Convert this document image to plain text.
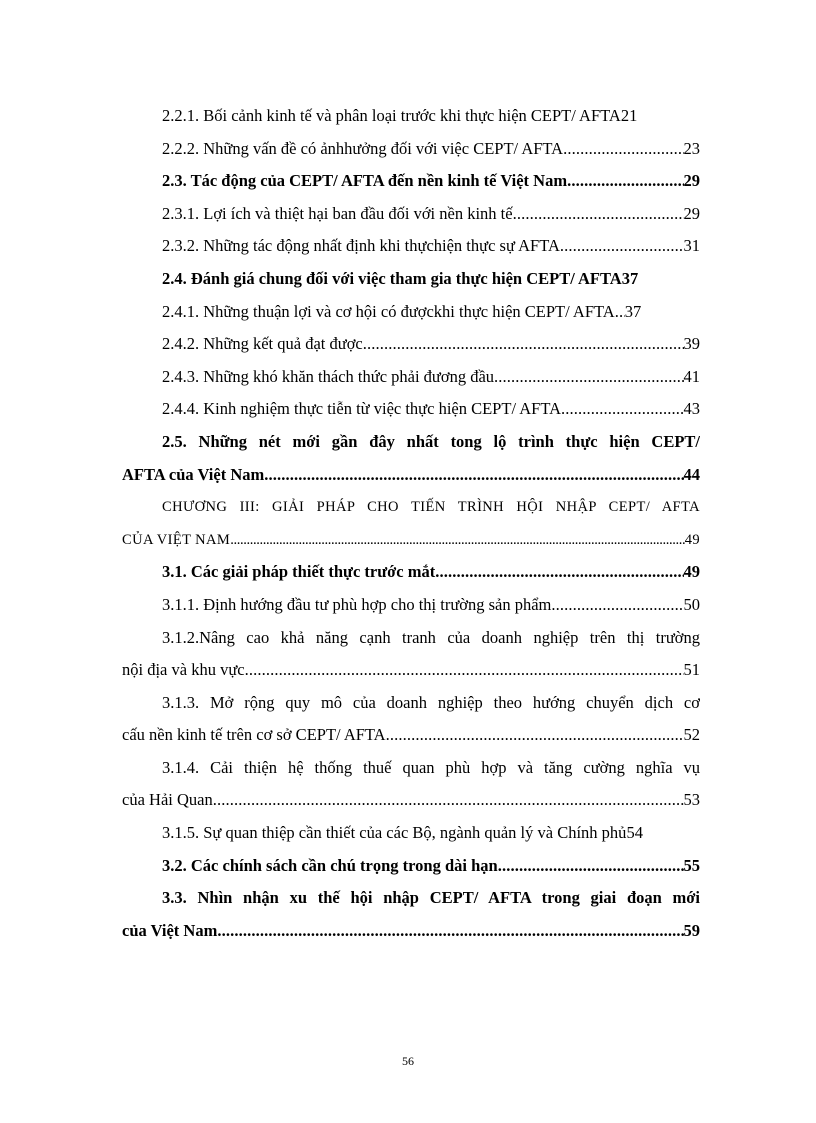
2.2.1. Bối cảnh kinh tế và phân loại trước khi thực hiện CEPT/ AFTA 21
2.2.2. Những vấn đề có ảnhhưởng đối với việc CEPT/ AFTA . . .	23
2.3. Tác động của CEPT/ AFTA đến nền kinh tế Việt Nam . . .	29
2.3.1. Lợi ích và thiệt hại ban đầu đối với nền kinh tế . . .	29
2.3.2. Những tác động nhất định khi thựchiện thực sự AFTA . . .	31
2.4. Đánh giá chung đối với việc tham gia thực hiện CEPT/ AFTA 37
2.4.1. Những thuận lợi và cơ hội có đượckhi thực hiện CEPT/ AFTA . . . 37
2.4.2. Những kết quả đạt được . . .	39
2.4.3. Những khó khăn thách thức phải đương đầu . . .	41
2.4.4. Kinh nghiệm thực tiễn từ việc thực hiện CEPT/ AFTA . . .	43
2.5. Những nét mới gần đây nhất tong lộ trình thực hiện CEPT/
AFTA của Việt Nam . . .	44
CHƯƠNG III: GIẢI PHÁP CHO TIẾN TRÌNH HỘI NHẬP CEPT/ AFTA
CỦA VIỆT NAM . . .	49
3.1. Các giải pháp thiết thực trước mắt . . .	49
3.1.1. Định hướng đầu tư phù hợp cho thị trường sản phẩm . . .	50
3.1.2.Nâng cao khả năng cạnh tranh của doanh nghiệp trên thị trường
nội địa và khu vực . . .	51
3.1.3. Mở rộng quy mô của doanh nghiệp theo hướng chuyển dịch cơ
cấu nền kinh tế trên cơ sở CEPT/ AFTA . . .	52
3.1.4. Cải thiện hệ thống thuế quan phù hợp và tăng cường nghĩa vụ
của Hải Quan . . .	53
3.1.5. Sự quan thiệp cần thiết của các Bộ, ngành quản lý và Chính phủ 54
3.2. Các chính sách cần chú trọng trong dài hạn . . .	55
3.3. Nhìn nhận xu thế hội nhập CEPT/ AFTA trong giai đoạn mới
của Việt Nam . . .	59
56
